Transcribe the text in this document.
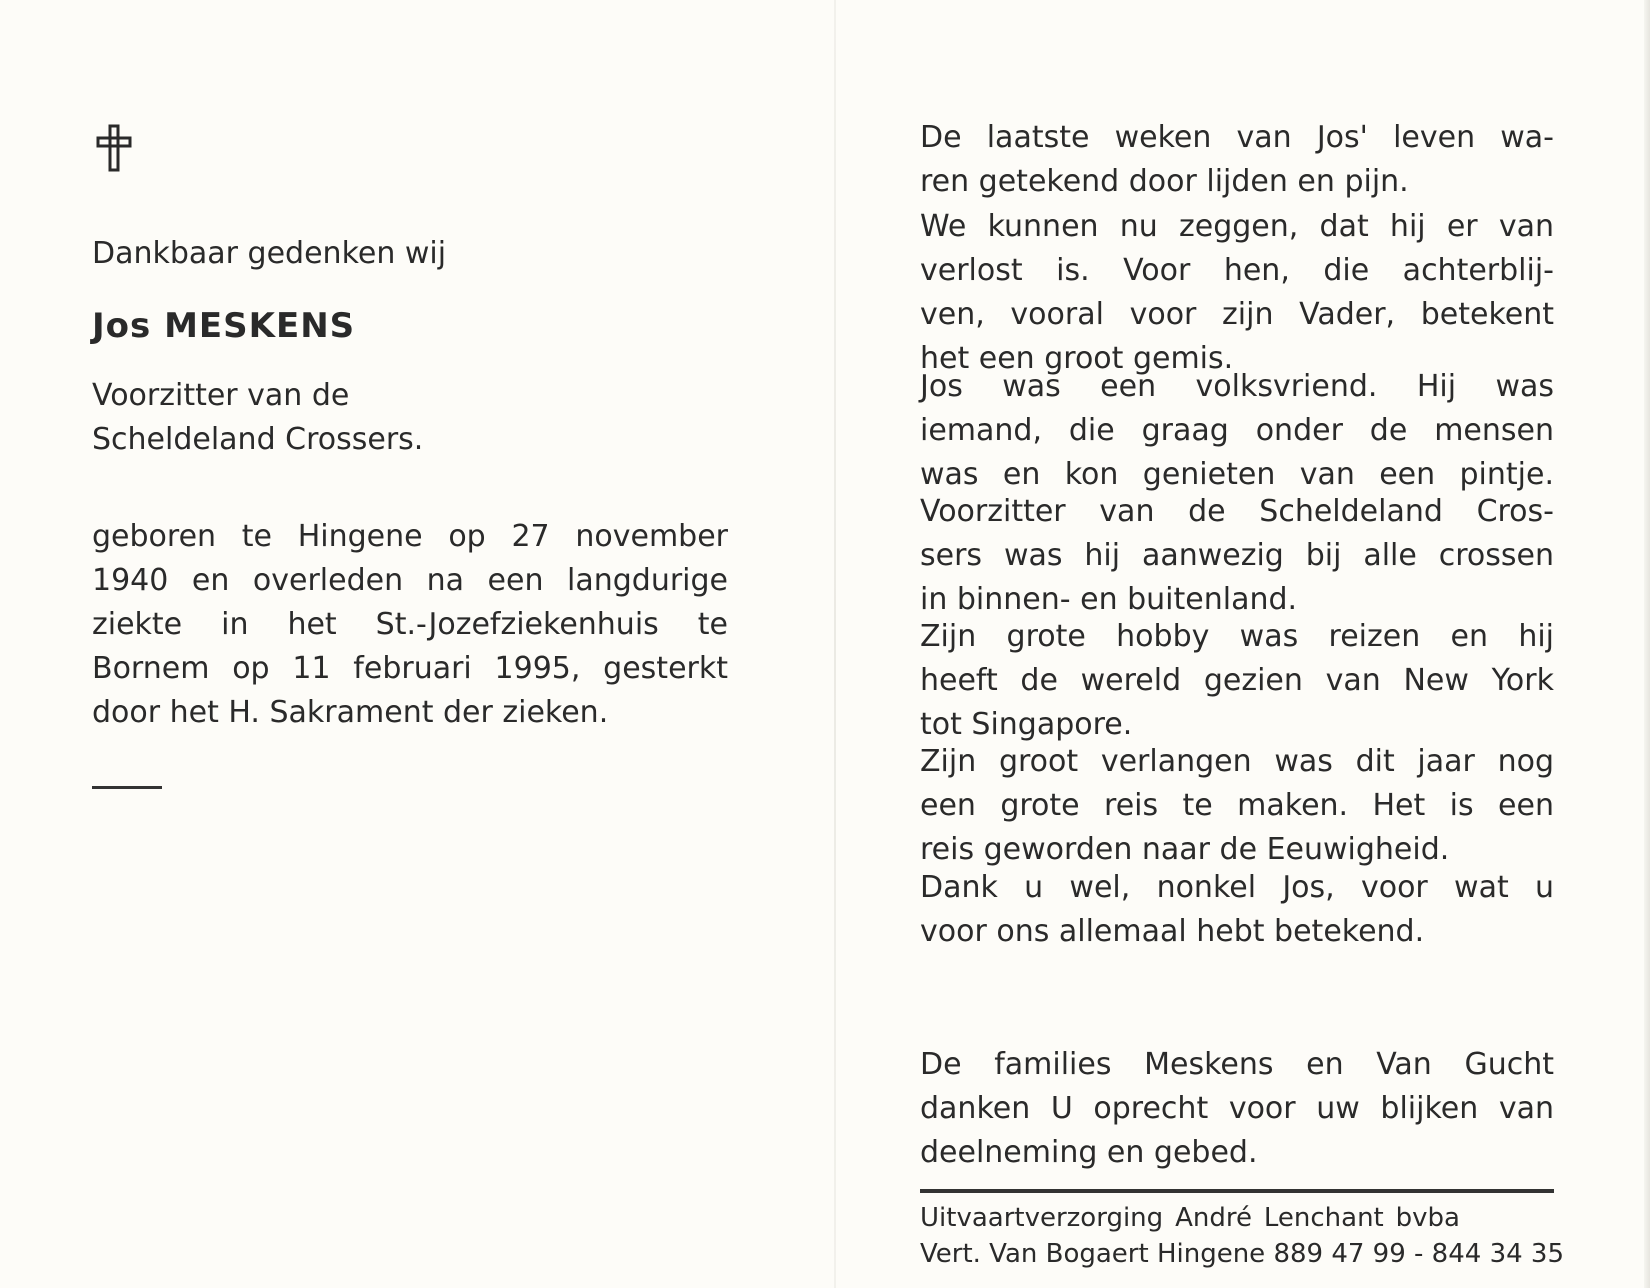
Dankbaar gedenken wij
Jos MESKENS
Voorzitter van de
Scheldeland Crossers.
geboren te Hingene op 27 november
1940 en overleden na een langdurige
ziekte in het St.-Jozefziekenhuis te
Bornem op 11 februari 1995, gesterkt
door het H. Sakrament der zieken.
De laatste weken van Jos' leven wa-
ren getekend door lijden en pijn.
We kunnen nu zeggen, dat hij er van
verlost is. Voor hen, die achterblij-
ven, vooral voor zijn Vader, betekent
het een groot gemis.
Jos was een volksvriend. Hij was
iemand, die graag onder de mensen
was en kon genieten van een pintje.
Voorzitter van de Scheldeland Cros-
sers was hij aanwezig bij alle crossen
in binnen- en buitenland.
Zijn grote hobby was reizen en hij
heeft de wereld gezien van New York
tot Singapore.
Zijn groot verlangen was dit jaar nog
een grote reis te maken. Het is een
reis geworden naar de Eeuwigheid.
Dank u wel, nonkel Jos, voor wat u
voor ons allemaal hebt betekend.
De families Meskens en Van Gucht
danken U oprecht voor uw blijken van
deelneming en gebed.
Uitvaartverzorging André Lenchant bvba
Vert. Van Bogaert Hingene 889 47 99 - 844 34 35
